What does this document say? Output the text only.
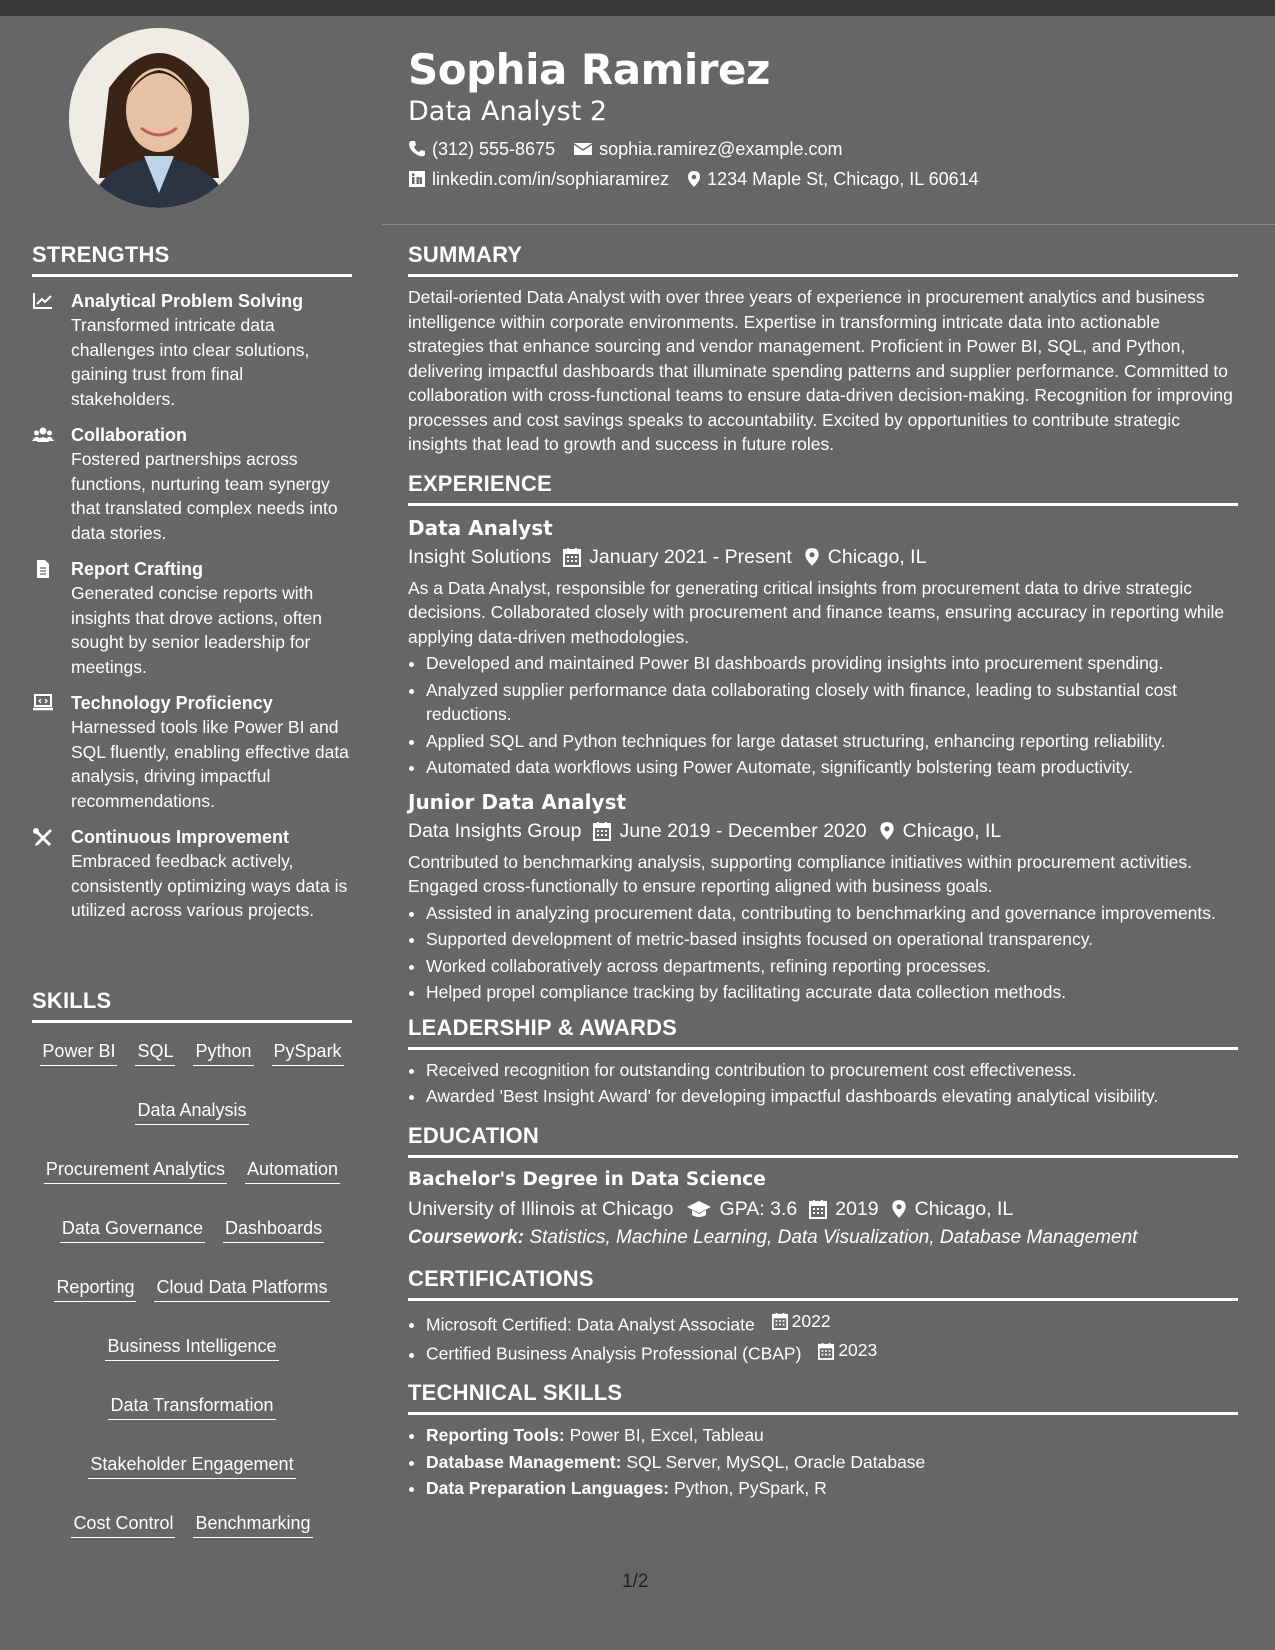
STRENGTHS
Analytical Problem Solving
Transformed intricate data challenges into clear solutions, gaining trust from final stakeholders.
Collaboration
Fostered partnerships across functions, nurturing team synergy that translated complex needs into data stories.
Report Crafting
Generated concise reports with insights that drove actions, often sought by senior leadership for meetings.
Technology Proficiency
Harnessed tools like Power BI and SQL fluently, enabling effective data analysis, driving impactful recommendations.
Continuous Improvement
Embraced feedback actively, consistently optimizing ways data is utilized across various projects.
SKILLS
Power BI SQL Python PySpark
Data Analysis
Procurement Analytics Automation
Data Governance Dashboards
Reporting Cloud Data Platforms
Business Intelligence
Data Transformation
Stakeholder Engagement
Cost Control Benchmarking
Sophia Ramirez
Data Analyst 2
(312) 555-8675 sophia.ramirez@example.com
linkedin.com/in/sophiaramirez 1234 Maple St, Chicago, IL 60614
SUMMARY
Detail-oriented Data Analyst with over three years of experience in procurement analytics and business intelligence within corporate environments. Expertise in transforming intricate data into actionable strategies that enhance sourcing and vendor management. Proficient in Power BI, SQL, and Python, delivering impactful dashboards that illuminate spending patterns and supplier performance. Committed to collaboration with cross-functional teams to ensure data-driven decision-making. Recognition for improving processes and cost savings speaks to accountability. Excited by opportunities to contribute strategic insights that lead to growth and success in future roles.
EXPERIENCE
Data Analyst
Insight Solutions January 2021 - Present Chicago, IL
As a Data Analyst, responsible for generating critical insights from procurement data to drive strategic decisions. Collaborated closely with procurement and finance teams, ensuring accuracy in reporting while applying data-driven methodologies.
• Developed and maintained Power BI dashboards providing insights into procurement spending.
• Analyzed supplier performance data collaborating closely with finance, leading to substantial cost reductions.
• Applied SQL and Python techniques for large dataset structuring, enhancing reporting reliability.
• Automated data workflows using Power Automate, significantly bolstering team productivity.
Junior Data Analyst
Data Insights Group June 2019 - December 2020 Chicago, IL
Contributed to benchmarking analysis, supporting compliance initiatives within procurement activities. Engaged cross-functionally to ensure reporting aligned with business goals.
• Assisted in analyzing procurement data, contributing to benchmarking and governance improvements.
• Supported development of metric-based insights focused on operational transparency.
• Worked collaboratively across departments, refining reporting processes.
• Helped propel compliance tracking by facilitating accurate data collection methods.
LEADERSHIP & AWARDS
• Received recognition for outstanding contribution to procurement cost effectiveness.
• Awarded 'Best Insight Award' for developing impactful dashboards elevating analytical visibility.
EDUCATION
Bachelor's Degree in Data Science
University of Illinois at Chicago GPA: 3.6 2019 Chicago, IL
Coursework: Statistics, Machine Learning, Data Visualization, Database Management
CERTIFICATIONS
• Microsoft Certified: Data Analyst Associate 2022
• Certified Business Analysis Professional (CBAP) 2023
TECHNICAL SKILLS
• Reporting Tools: Power BI, Excel, Tableau
• Database Management: SQL Server, MySQL, Oracle Database
• Data Preparation Languages: Python, PySpark, R
1/2
